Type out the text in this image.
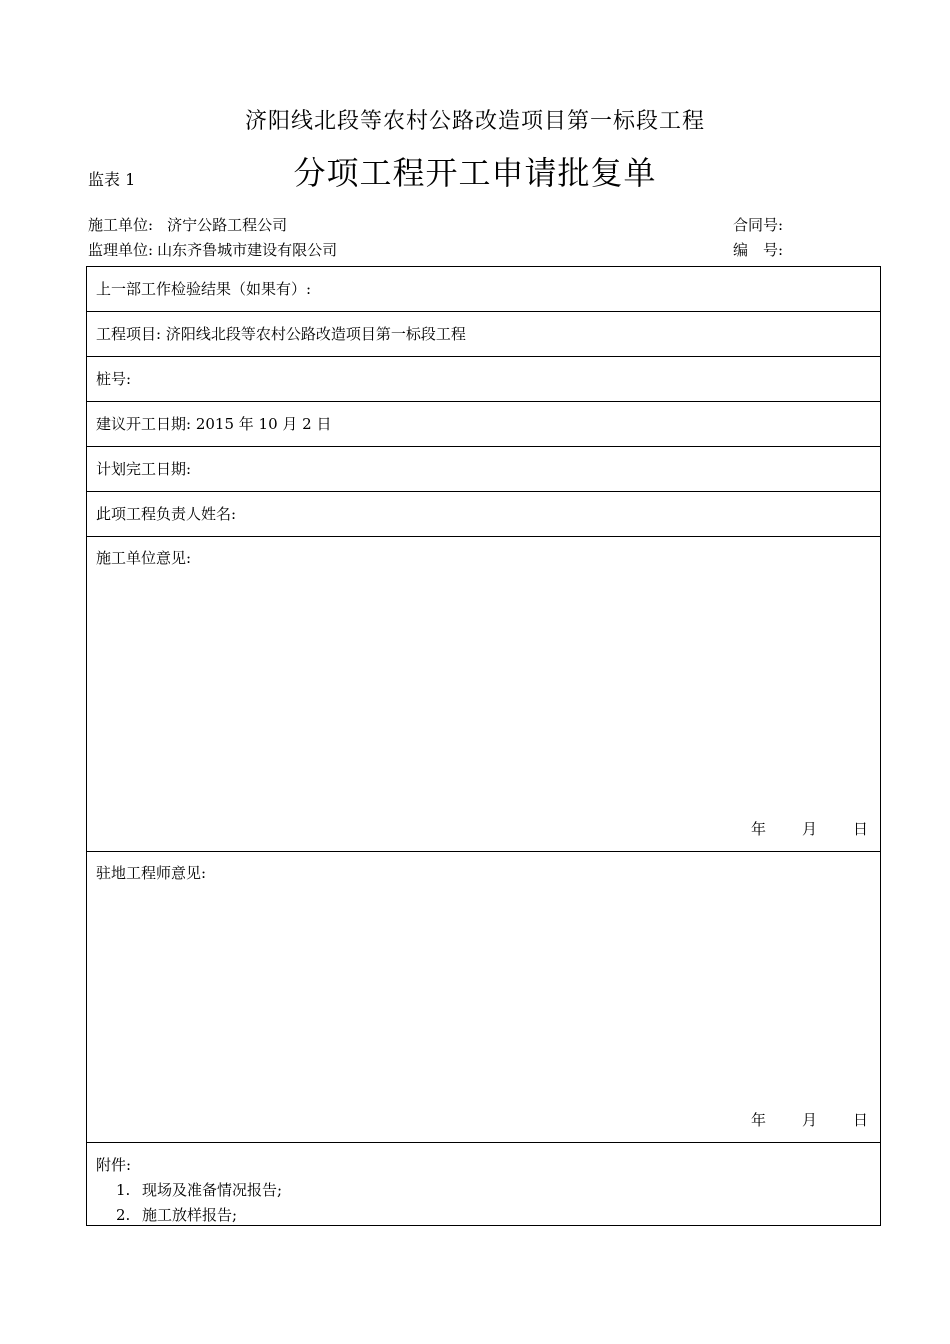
济阳线北段等农村公路改造项目第一标段工程
监表 1	分项工程开工申请批复单
施工单位: 济宁公路工程公司
监理单位: 山东齐鲁城市建设有限公司
合同号:
编　号:
上一部工作检验结果（如果有）:
工程项目: 济阳线北段等农村公路改造项目第一标段工程
桩号:
建议开工日期: 2015 年 10 月 2 日
计划完工日期:
此项工程负责人姓名:
施工单位意见:
年 月 日
驻地工程师意见:
年 月 日
附件:
1. 现场及准备情况报告;
2. 施工放样报告;
